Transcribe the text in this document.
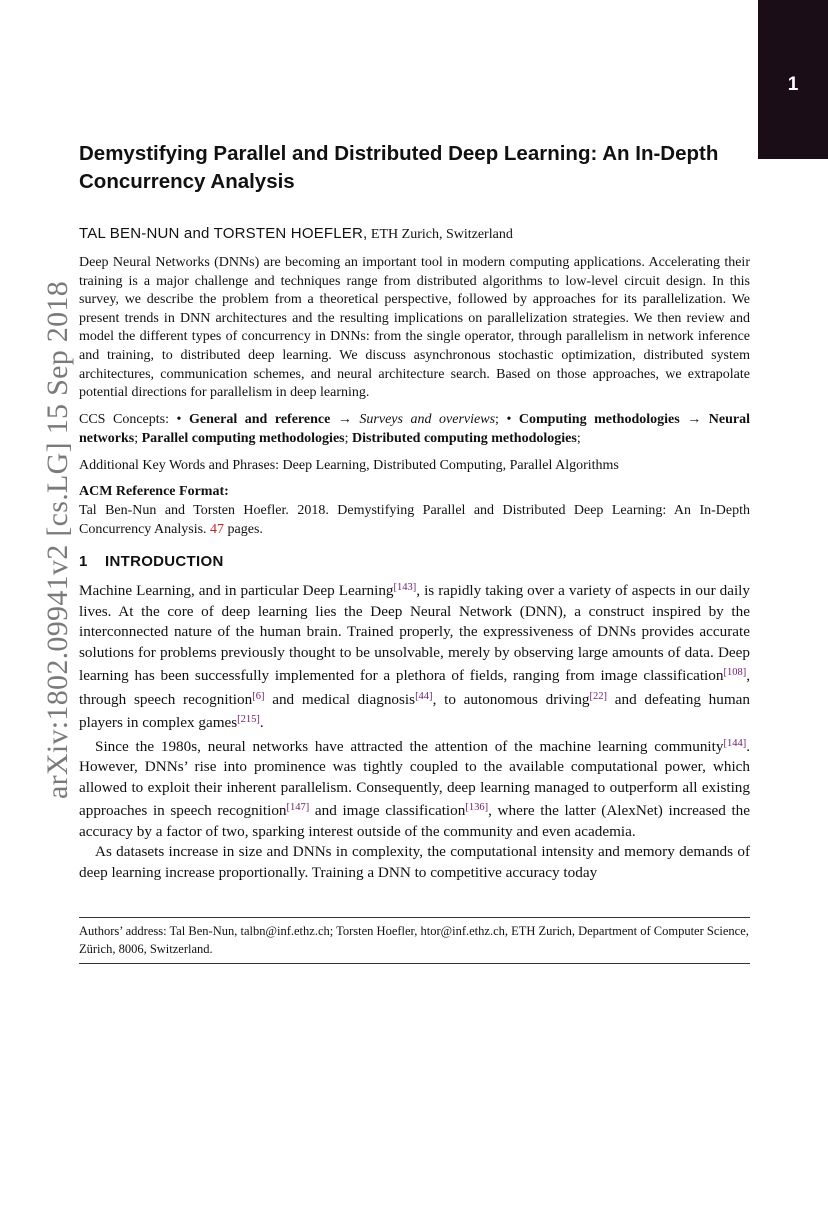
1
arXiv:1802.09941v2 [cs.LG] 15 Sep 2018
Demystifying Parallel and Distributed Deep Learning: An In-Depth Concurrency Analysis
TAL BEN-NUN and TORSTEN HOEFLER, ETH Zurich, Switzerland
Deep Neural Networks (DNNs) are becoming an important tool in modern computing applications. Accelerating their training is a major challenge and techniques range from distributed algorithms to low-level circuit design. In this survey, we describe the problem from a theoretical perspective, followed by approaches for its parallelization. We present trends in DNN architectures and the resulting implications on parallelization strategies. We then review and model the different types of concurrency in DNNs: from the single operator, through parallelism in network inference and training, to distributed deep learning. We discuss asynchronous stochastic optimization, distributed system architectures, communication schemes, and neural architecture search. Based on those approaches, we extrapolate potential directions for parallelism in deep learning.
CCS Concepts: • General and reference → Surveys and overviews; • Computing methodologies → Neural networks; Parallel computing methodologies; Distributed computing methodologies;
Additional Key Words and Phrases: Deep Learning, Distributed Computing, Parallel Algorithms
ACM Reference Format:
Tal Ben-Nun and Torsten Hoefler. 2018. Demystifying Parallel and Distributed Deep Learning: An In-Depth Concurrency Analysis. 47 pages.
1 INTRODUCTION

Machine Learning, and in particular Deep Learning[143], is rapidly taking over a variety of aspects in our daily lives. At the core of deep learning lies the Deep Neural Network (DNN), a construct inspired by the interconnected nature of the human brain. Trained properly, the expressiveness of DNNs provides accurate solutions for problems previously thought to be unsolvable, merely by observing large amounts of data. Deep learning has been successfully implemented for a plethora of fields, ranging from image classification[108], through speech recognition[6] and medical diagnosis[44], to autonomous driving[22] and defeating human players in complex games[215].

Since the 1980s, neural networks have attracted the attention of the machine learning community[144]. However, DNNs’ rise into prominence was tightly coupled to the available computational power, which allowed to exploit their inherent parallelism. Consequently, deep learning managed to outperform all existing approaches in speech recognition[147] and image classification[136], where the latter (AlexNet) increased the accuracy by a factor of two, sparking interest outside of the community and even academia.

As datasets increase in size and DNNs in complexity, the computational intensity and memory demands of deep learning increase proportionally. Training a DNN to competitive accuracy today

Authors’ address: Tal Ben-Nun, talbn@inf.ethz.ch; Torsten Hoefler, htor@inf.ethz.ch, ETH Zurich, Department of Computer Science, Zürich, 8006, Switzerland.
